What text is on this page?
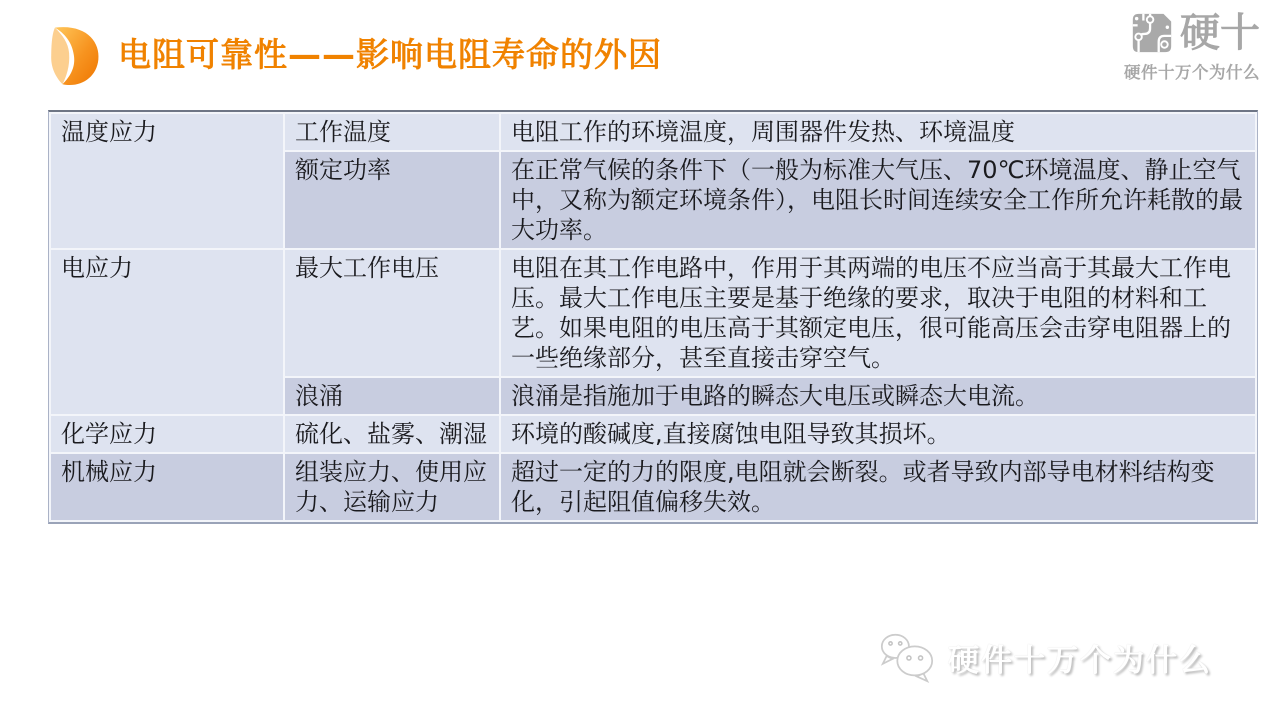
电阻可靠性——影响电阻寿命的外因	硬十
硬件十万个为什么
温度应力	工作温度	电阻工作的环境温度，周围器件发热、环境温度
	额定功率	在正常气候的条件下（一般为标准大气压、70℃环境温度、静止空气中，又称为额定环境条件），电阻长时间连续安全工作所允许耗散的最大功率。
电应力	最大工作电压	电阻在其工作电路中，作用于其两端的电压不应当高于其最大工作电压。最大工作电压主要是基于绝缘的要求，取决于电阻的材料和工艺。如果电阻的电压高于其额定电压，很可能高压会击穿电阻器上的一些绝缘部分，甚至直接击穿空气。
	浪涌	浪涌是指施加于电路的瞬态大电压或瞬态大电流。
化学应力	硫化、盐雾、潮湿	环境的酸碱度,直接腐蚀电阻导致其损坏。
机械应力	组装应力、使用应力、运输应力	超过一定的力的限度,电阻就会断裂。或者导致内部导电材料结构变化，引起阻值偏移失效。
硬件十万个为什么
